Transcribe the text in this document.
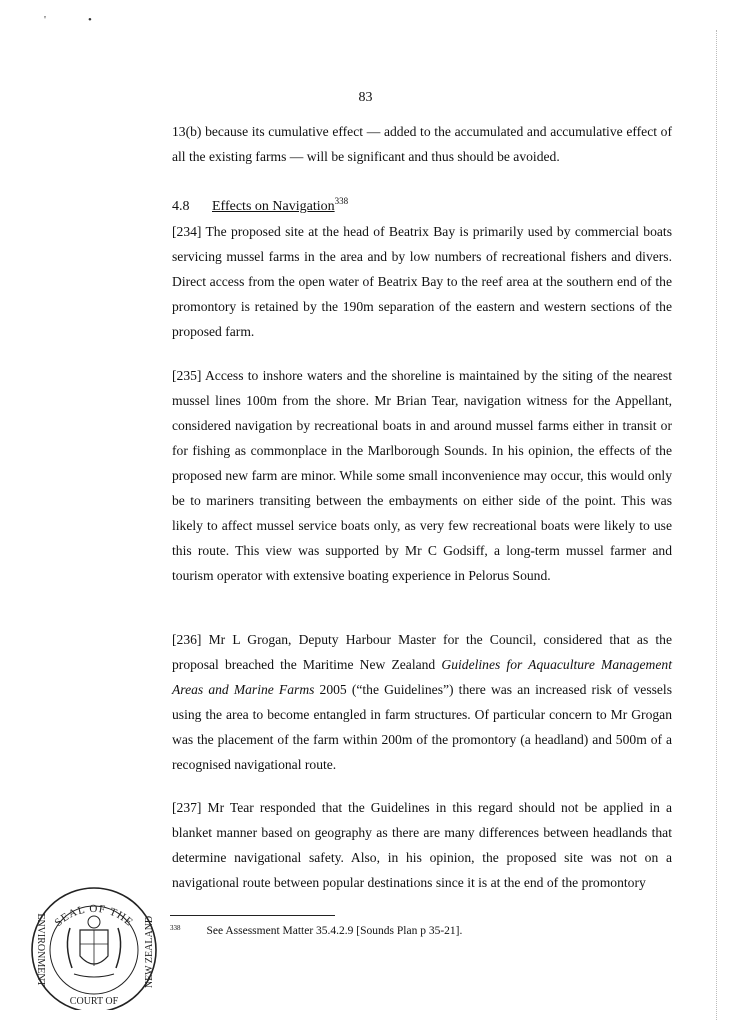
'	•
83

13(b) because its cumulative effect — added to the accumulated and accumulative effect of all the existing farms — will be significant and thus should be avoided.

4.8 Effects on Navigation$^{338}$

[234] The proposed site at the head of Beatrix Bay is primarily used by commercial boats servicing mussel farms in the area and by low numbers of recreational fishers and divers. Direct access from the open water of Beatrix Bay to the reef area at the southern end of the promontory is retained by the 190m separation of the eastern and western sections of the proposed farm.

[235] Access to inshore waters and the shoreline is maintained by the siting of the nearest mussel lines 100m from the shore. Mr Brian Tear, navigation witness for the Appellant, considered navigation by recreational boats in and around mussel farms either in transit or for fishing as commonplace in the Marlborough Sounds. In his opinion, the effects of the proposed new farm are minor. While some small inconvenience may occur, this would only be to mariners transiting between the embayments on either side of the point. This was likely to affect mussel service boats only, as very few recreational boats were likely to use this route. This view was supported by Mr C Godsiff, a long-term mussel farmer and tourism operator with extensive boating experience in Pelorus Sound.

[236] Mr L Grogan, Deputy Harbour Master for the Council, considered that as the proposal breached the Maritime New Zealand Guidelines for Aquaculture Management Areas and Marine Farms 2005 (“the Guidelines”) there was an increased risk of vessels using the area to become entangled in farm structures. Of particular concern to Mr Grogan was the placement of the farm within 200m of the promontory (a headland) and 500m of a recognised navigational route.

[237] Mr Tear responded that the Guidelines in this regard should not be applied in a blanket manner based on geography as there are many differences between headlands that determine navigational safety. Also, in his opinion, the proposed site was not on a navigational route between popular destinations since it is at the end of the promontory

$^{338}$ See Assessment Matter 35.4.2.9 [Sounds Plan p 35-21].
SEAL OF THE
ENVIRONMENT	NEW ZEALAND
COURT OF
